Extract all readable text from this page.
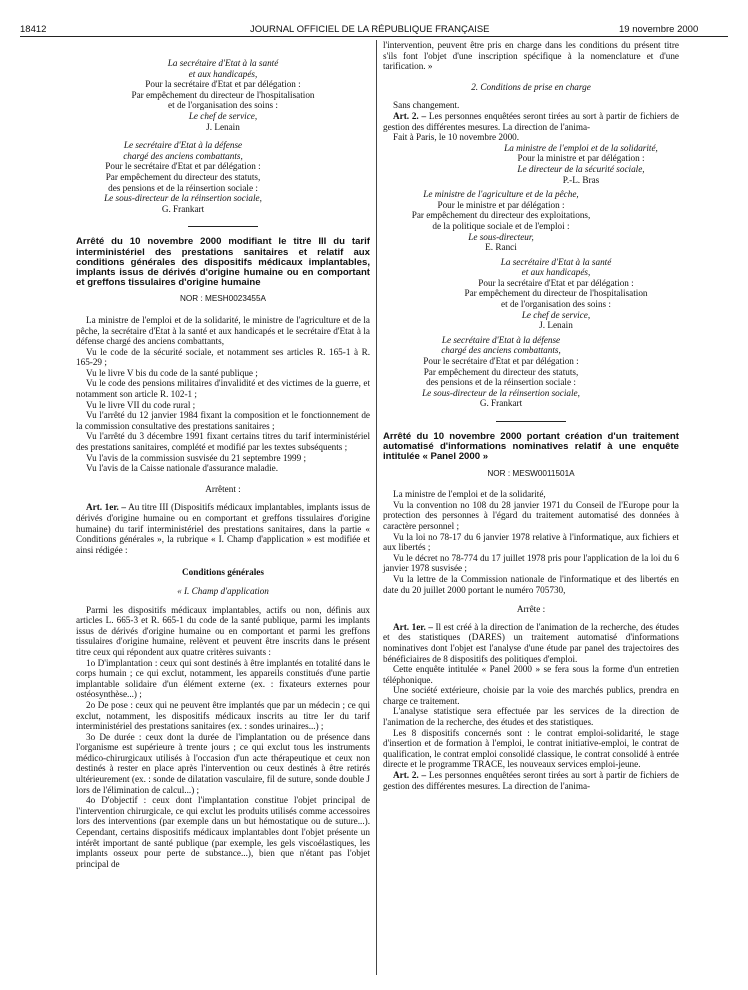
18412	JOURNAL OFFICIEL DE LA RÉPUBLIQUE FRANÇAISE	19 novembre 2000
La secrétaire d'Etat à la santé
et aux handicapés,
Pour la secrétaire d'Etat et par délégation :
Par empêchement du directeur de l'hospitalisation
et de l'organisation des soins :
Le chef de service,
J. Lenain
Le secrétaire d'Etat à la défense
chargé des anciens combattants,
Pour le secrétaire d'Etat et par délégation :
Par empêchement du directeur des statuts,
des pensions et de la réinsertion sociale :
Le sous-directeur de la réinsertion sociale,
G. Frankart
Arrêté du 10 novembre 2000 modifiant le titre III du tarif interministériel des prestations sanitaires et relatif aux conditions générales des dispositifs médicaux implantables, implants issus de dérivés d'origine humaine ou en comportant et greffons tissulaires d'origine humaine
NOR : MESH0023455A
La ministre de l'emploi et de la solidarité, le ministre de l'agriculture et de la pêche, la secrétaire d'Etat à la santé et aux handicapés et le secrétaire d'Etat à la défense chargé des anciens combattants,
Vu le code de la sécurité sociale, et notamment ses articles R. 165-1 à R. 165-29 ;
Vu le livre V bis du code de la santé publique ;
Vu le code des pensions militaires d'invalidité et des victimes de la guerre, et notamment son article R. 102-1 ;
Vu le livre VII du code rural ;
Vu l'arrêté du 12 janvier 1984 fixant la composition et le fonctionnement de la commission consultative des prestations sanitaires ;
Vu l'arrêté du 3 décembre 1991 fixant certains titres du tarif interministériel des prestations sanitaires, complété et modifié par les textes subséquents ;
Vu l'avis de la commission susvisée du 21 septembre 1999 ;
Vu l'avis de la Caisse nationale d'assurance maladie.
Arrêtent :
Art. 1er. – Au titre III (Dispositifs médicaux implantables, implants issus de dérivés d'origine humaine ou en comportant et greffons tissulaires d'origine humaine) du tarif interministériel des prestations sanitaires, dans la partie « Conditions générales », la rubrique « I. Champ d'application » est modifiée et ainsi rédigée :
Conditions générales
« I. Champ d'application
Parmi les dispositifs médicaux implantables, actifs ou non, définis aux articles L. 665-3 et R. 665-1 du code de la santé publique, parmi les implants issus de dérivés d'origine humaine ou en comportant et parmi les greffons tissulaires d'origine humaine, relèvent et peuvent être inscrits dans le présent titre ceux qui répondent aux quatre critères suivants :
1o D'implantation : ceux qui sont destinés à être implantés en totalité dans le corps humain ; ce qui exclut, notamment, les appareils constitués d'une partie implantable solidaire d'un élément externe (ex. : fixateurs externes pour ostéosynthèse...) ;
2o De pose : ceux qui ne peuvent être implantés que par un médecin ; ce qui exclut, notamment, les dispositifs médicaux inscrits au titre Ier du tarif interministériel des prestations sanitaires (ex. : sondes urinaires...) ;
3o De durée : ceux dont la durée de l'implantation ou de présence dans l'organisme est supérieure à trente jours ; ce qui exclut tous les instruments médico-chirurgicaux utilisés à l'occasion d'un acte thérapeutique et ceux non destinés à rester en place après l'intervention ou ceux destinés à être retirés ultérieurement (ex. : sonde de dilatation vasculaire, fil de suture, sonde double J lors de l'élimination de calcul...) ;
4o D'objectif : ceux dont l'implantation constitue l'objet principal de l'intervention chirurgicale, ce qui exclut les produits utilisés comme accessoires lors des interventions (par exemple dans un but hémostatique ou de suture...). Cependant, certains dispositifs médicaux implantables dont l'objet présente un intérêt important de santé publique (par exemple, les gels viscoélastiques, les implants osseux pour perte de substance...), bien que n'étant pas l'objet principal de
l'intervention, peuvent être pris en charge dans les conditions du présent titre s'ils font l'objet d'une inscription spécifique à la nomenclature et d'une tarification. »
2. Conditions de prise en charge
Sans changement.
Art. 2. – Les personnes enquêtées seront tirées au sort à partir de fichiers de gestion des différentes mesures. La direction de l'anima-
Fait à Paris, le 10 novembre 2000.
La ministre de l'emploi et de la solidarité,
Pour la ministre et par délégation :
Le directeur de la sécurité sociale,
P.-L. Bras
Le ministre de l'agriculture et de la pêche,
Pour le ministre et par délégation :
Par empêchement du directeur des exploitations,
de la politique sociale et de l'emploi :
Le sous-directeur,
E. Ranci
La secrétaire d'Etat à la santé
et aux handicapés,
Pour la secrétaire d'Etat et par délégation :
Par empêchement du directeur de l'hospitalisation
et de l'organisation des soins :
Le chef de service,
J. Lenain
Le secrétaire d'Etat à la défense
chargé des anciens combattants,
Pour le secrétaire d'Etat et par délégation :
Par empêchement du directeur des statuts,
des pensions et de la réinsertion sociale :
Le sous-directeur de la réinsertion sociale,
G. Frankart
Arrêté du 10 novembre 2000 portant création d'un traitement automatisé d'informations nominatives relatif à une enquête intitulée « Panel 2000 »
NOR : MESW0011501A
La ministre de l'emploi et de la solidarité,
Vu la convention no 108 du 28 janvier 1971 du Conseil de l'Europe pour la protection des personnes à l'égard du traitement automatisé des données à caractère personnel ;
Vu la loi no 78-17 du 6 janvier 1978 relative à l'informatique, aux fichiers et aux libertés ;
Vu le décret no 78-774 du 17 juillet 1978 pris pour l'application de la loi du 6 janvier 1978 susvisée ;
Vu la lettre de la Commission nationale de l'informatique et des libertés en date du 20 juillet 2000 portant le numéro 705730,
Arrête :
Art. 1er. – Il est créé à la direction de l'animation de la recherche, des études et des statistiques (DARES) un traitement automatisé d'informations nominatives dont l'objet est l'analyse d'une étude par panel des trajectoires des bénéficiaires de 8 dispositifs des politiques d'emploi.
Cette enquête intitulée « Panel 2000 » se fera sous la forme d'un entretien téléphonique.
Une société extérieure, choisie par la voie des marchés publics, prendra en charge ce traitement.
L'analyse statistique sera effectuée par les services de la direction de l'animation de la recherche, des études et des statistiques.
Les 8 dispositifs concernés sont : le contrat emploi-solidarité, le stage d'insertion et de formation à l'emploi, le contrat initiative-emploi, le contrat de qualification, le contrat emploi consolidé classique, le contrat consolidé à entrée directe et le programme TRACE, les nouveaux services emploi-jeune.
Art. 2. – Les personnes enquêtées seront tirées au sort à partir de fichiers de gestion des différentes mesures. La direction de l'anima-
